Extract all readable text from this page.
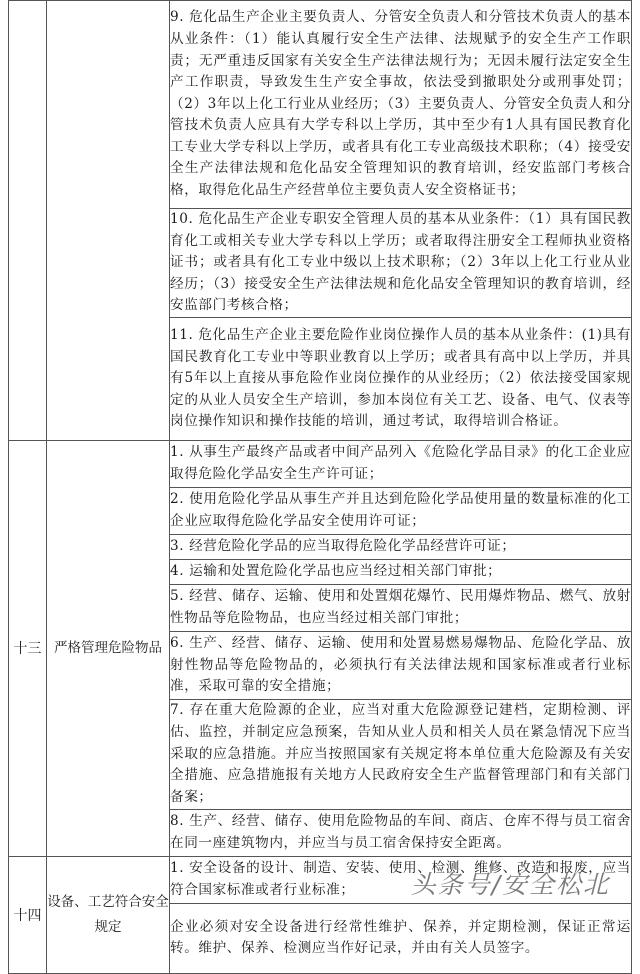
		9. 危化品生产企业主要负责人、分管安全负责人和分管技术负责人的基本从业条件：（1）能认真履行安全生产法律、法规赋予的安全生产工作职责；无严重违反国家有关安全生产法律法规行为；无因未履行法定安全生产工作职责，导致发生生产安全事故，依法受到撤职处分或刑事处罚；（2）3年以上化工行业从业经历；（3）主要负责人、分管安全负责人和分管技术负责人应具有大学专科以上学历，其中至少有1人具有国民教育化工专业大学专科以上学历，或者具有化工专业高级技术职称；（4）接受安全生产法律法规和危化品安全管理知识的教育培训，经安监部门考核合格，取得危化品生产经营单位主要负责人安全资格证书；
		10. 危化品生产企业专职安全管理人员的基本从业条件：（1）具有国民教育化工或相关专业大学专科以上学历；或者取得注册安全工程师执业资格证书；或者具有化工专业中级以上技术职称；（2）3年以上化工行业从业经历；（3）接受安全生产法律法规和危化品安全管理知识的教育培训，经安监部门考核合格；
		11. 危化品生产企业主要危险作业岗位操作人员的基本从业条件：(1)具有国民教育化工专业中等职业教育以上学历；或者具有高中以上学历，并具有5年以上直接从事危险作业岗位操作的从业经历；（2）依法接受国家规定的从业人员安全生产培训，参加本岗位有关工艺、设备、电气、仪表等岗位操作知识和操作技能的培训，通过考试，取得培训合格证。
十三	严格管理危险物品	1. 从事生产最终产品或者中间产品列入《危险化学品目录》的化工企业应取得危险化学品安全生产许可证；
		2. 使用危险化学品从事生产并且达到危险化学品使用量的数量标准的化工企业应取得危险化学品安全使用许可证；
		3. 经营危险化学品的应当取得危险化学品经营许可证；
		4. 运输和处置危险化学品也应当经过相关部门审批；
		5. 经营、储存、运输、使用和处置烟花爆竹、民用爆炸物品、燃气、放射性物品等危险物品，也应当经过相关部门审批；
		6. 生产、经营、储存、运输、使用和处置易燃易爆物品、危险化学品、放射性物品等危险物品的，必须执行有关法律法规和国家标准或者行业标准，采取可靠的安全措施；
		7. 存在重大危险源的企业，应当对重大危险源登记建档，定期检测、评估、监控，并制定应急预案，告知从业人员和相关人员在紧急情况下应当采取的应急措施。并应当按照国家有关规定将本单位重大危险源及有关安全措施、应急措施报有关地方人民政府安全生产监督管理部门和有关部门备案；
		8. 生产、经营、储存、使用危险物品的车间、商店、仓库不得与员工宿舍在同一座建筑物内，并应当与员工宿舍保持安全距离。
十四	设备、工艺符合安全规定	1. 安全设备的设计、制造、安装、使用、检测、维修、改造和报废，应当符合国家标准或者行业标准；
		企业必须对安全设备进行经常性维护、保养，并定期检测，保证正常运转。维护、保养、检测应当作好记录，并由有关人员签字。
头条号/安全松北
